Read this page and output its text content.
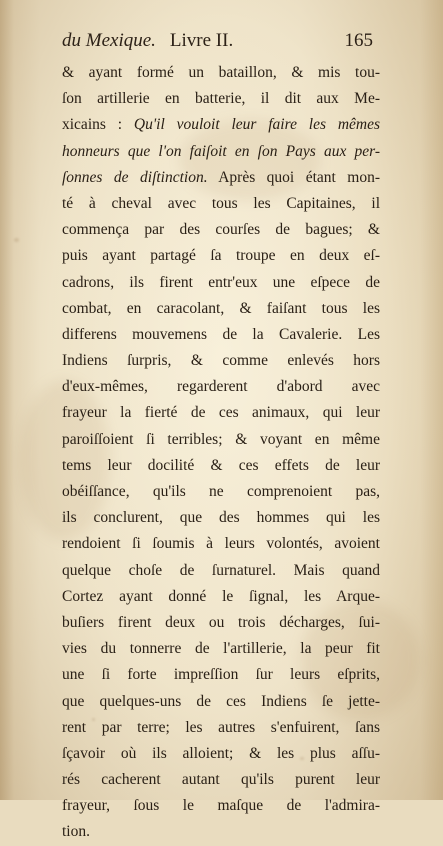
du Mexique. Livre II.	165
& ayant formé un bataillon, & mis tou-
ſon artillerie en batterie, il dit aux Me-
xicains : Qu'il vouloit leur faire les mêmes
honneurs que l'on faiſoit en ſon Pays aux per-
ſonnes de diſtinction. Après quoi étant mon-
té à cheval avec tous les Capitaines, il
commença par des courſes de bagues; &
puis ayant partagé ſa troupe en deux eſ-
cadrons, ils firent entr'eux une eſpece de
combat, en caracolant, & faiſant tous les
differens mouvemens de la Cavalerie. Les
Indiens ſurpris, & comme enlevés hors
d'eux-mêmes, regarderent d'abord avec
frayeur la fierté de ces animaux, qui leur
paroiſſoient ſi terribles; & voyant en même
tems leur docilité & ces effets de leur
obéiſſance, qu'ils ne comprenoient pas,
ils conclurent, que des hommes qui les
rendoient ſi ſoumis à leurs volontés, avoient
quelque choſe de ſurnaturel. Mais quand
Cortez ayant donné le ſignal, les Arque-
buſiers firent deux ou trois décharges, ſui-
vies du tonnerre de l'artillerie, la peur fit
une ſi forte impreſſion ſur leurs eſprits,
que quelques-uns de ces Indiens ſe jette-
rent par terre; les autres s'enfuirent, ſans
ſçavoir où ils alloient; & les plus aſſu-
rés cacherent autant qu'ils purent leur
frayeur, ſous le maſque de l'admira-
tion.
